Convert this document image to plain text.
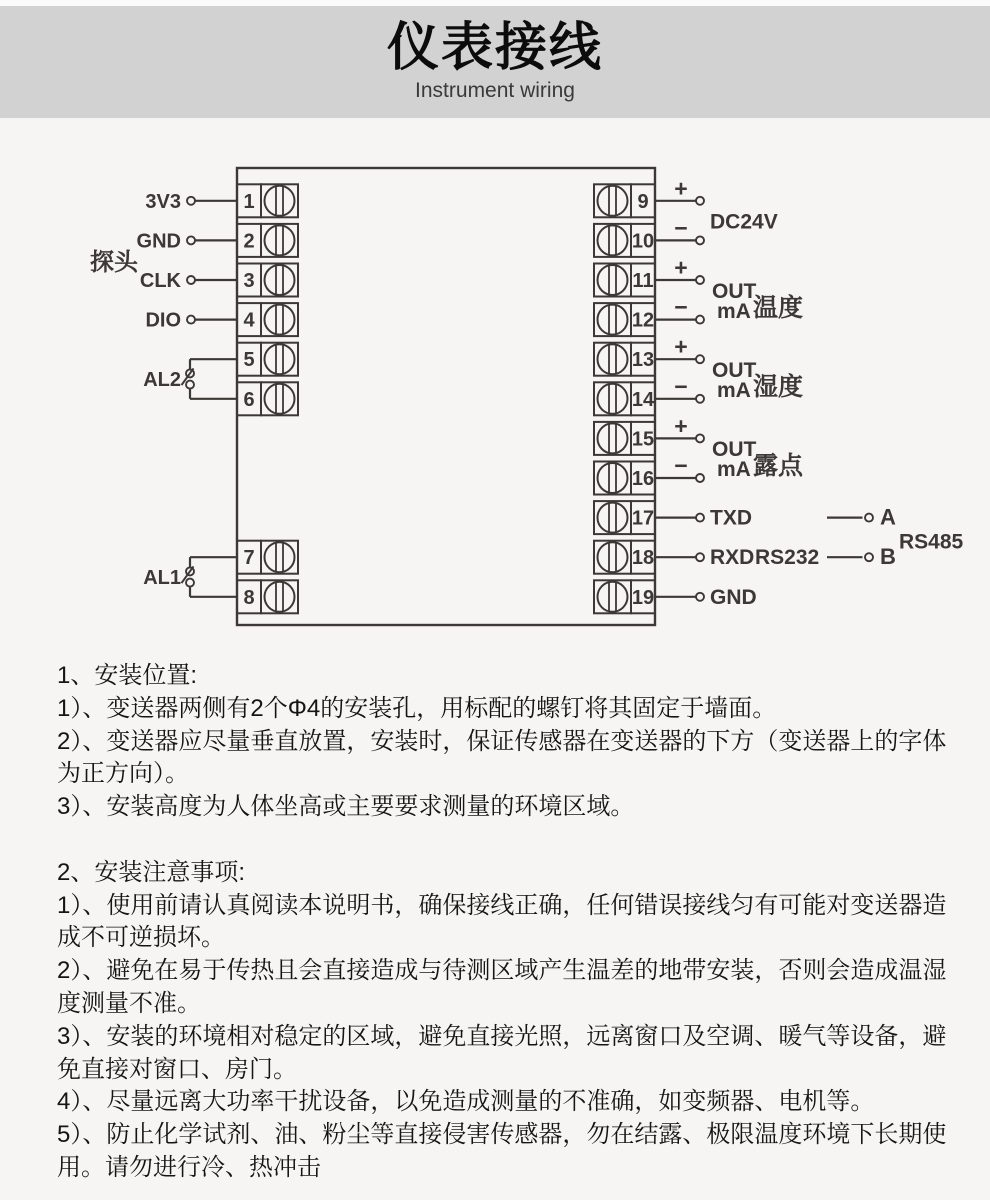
仪表接线
Instrument wiring
1
2
3
4
5
6
7
8
9
10
11
12
13
14
15
16
17
18
19
3V3
GND
CLK
DIO
探头
AL2
AL1
+
− DC24V
+
−
OUT
mA 温度
+
−
OUT
mA 湿度
+
−
OUT
mA 露点
TXD
RXD RS232
GND
A
B
RS485
1、安装位置:
1）、变送器两侧有2个Φ4的安装孔，用标配的螺钉将其固定于墙面。
2）、变送器应尽量垂直放置，安装时，保证传感器在变送器的下方（变送器上的字体
为正方向）。
3）、安装高度为人体坐高或主要要求测量的环境区域。
2、安装注意事项:
1）、使用前请认真阅读本说明书，确保接线正确，任何错误接线匀有可能对变送器造
成不可逆损坏。
2）、避免在易于传热且会直接造成与待测区域产生温差的地带安装，否则会造成温湿
度测量不准。
3）、安装的环境相对稳定的区域，避免直接光照，远离窗口及空调、暖气等设备，避
免直接对窗口、房门。
4）、尽量远离大功率干扰设备，以免造成测量的不准确，如变频器、电机等。
5）、防止化学试剂、油、粉尘等直接侵害传感器，勿在结露、极限温度环境下长期使
用。请勿进行冷、热冲击
